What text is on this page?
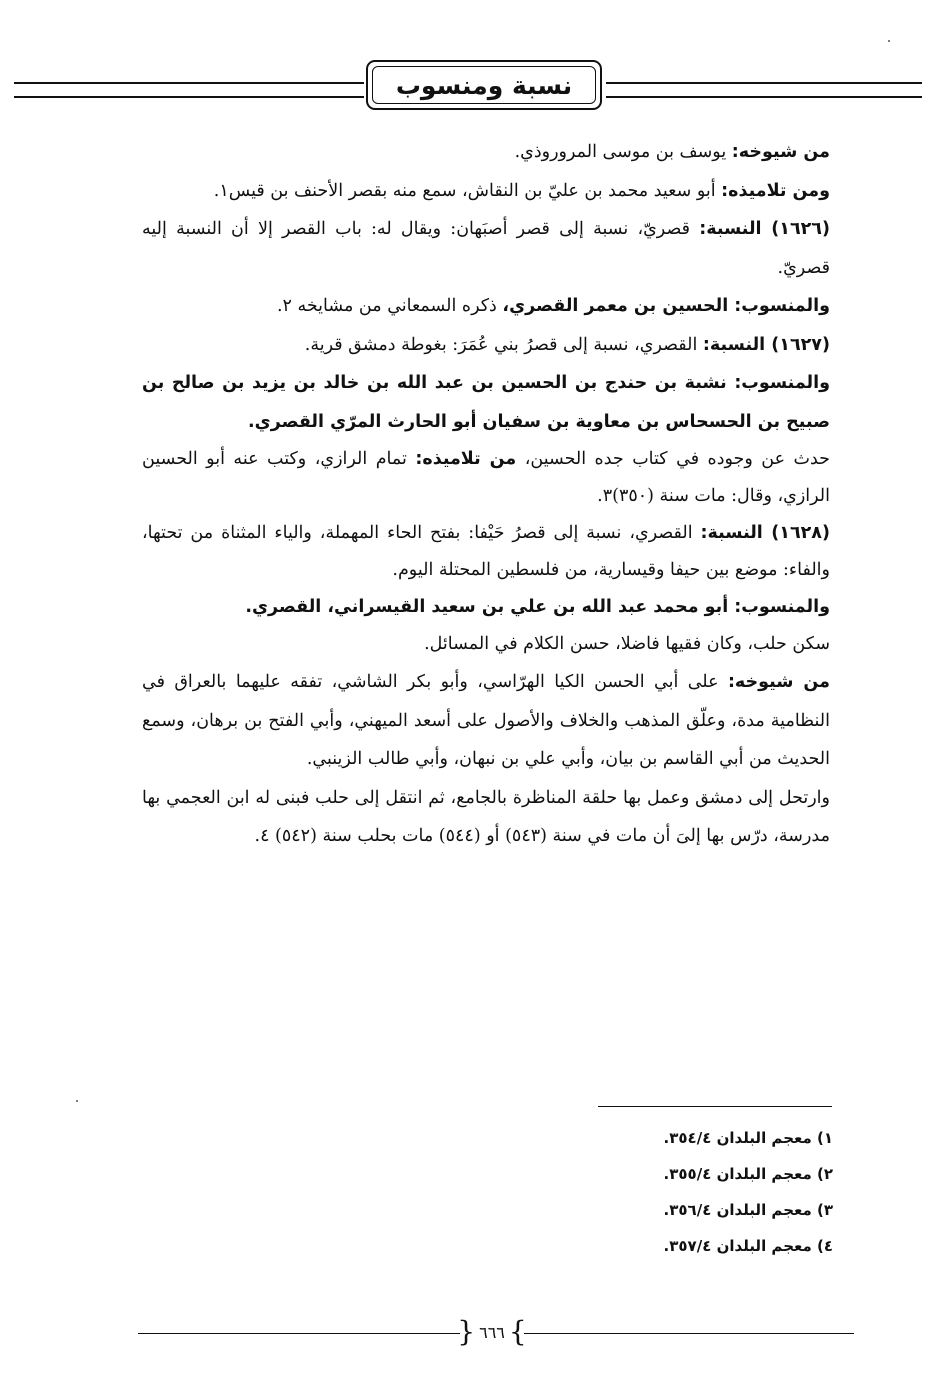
نسبة ومنسوب

من شيوخه: يوسف بن موسى المروروذي.

ومن تلاميذه: أبو سعيد محمد بن عليّ بن النقاش، سمع منه بقصر الأحنف بن قيس١.

(١٦٢٦) النسبة: قصريّ، نسبة إلى قصر أصبَهان: ويقال له: باب القصر إلا أن النسبة إليه قصريّ.

والمنسوب: الحسين بن معمر القصري، ذكره السمعاني من مشايخه ٢.

(١٦٢٧) النسبة: القصري، نسبة إلى قصرُ بني عُمَرَ: بغوطة دمشق قرية.

والمنسوب: نشبة بن حندج بن الحسين بن عبد الله بن خالد بن يزيد بن صالح بن صبيح بن الحسحاس بن معاوية بن سفيان أبو الحارث المرّي القصري.

حدث عن وجوده في كتاب جده الحسين، من تلاميذه: تمام الرازي، وكتب عنه أبو الحسين الرازي، وقال: مات سنة (٣٥٠)٣.

(١٦٢٨) النسبة: القصري، نسبة إلى قصرُ حَيْفا: بفتح الحاء المهملة، والياء المثناة من تحتها، والفاء: موضع بين حيفا وقيسارية، من فلسطين المحتلة اليوم.

والمنسوب: أبو محمد عبد الله بن علي بن سعيد القيسراني، القصري.

سكن حلب، وكان فقيها فاضلا، حسن الكلام في المسائل.

من شيوخه: على أبي الحسن الكيا الهرّاسي، وأبو بكر الشاشي، تفقه عليهما بالعراق في النظامية مدة، وعلّق المذهب والخلاف والأصول على أسعد الميهني، وأبي الفتح بن برهان، وسمع الحديث من أبي القاسم بن بيان، وأبي علي بن نبهان، وأبي طالب الزينبي.

وارتحل إلى دمشق وعمل بها حلقة المناظرة بالجامع، ثم انتقل إلى حلب فبنى له ابن العجمي بها مدرسة، درّس بها إلىَ أن مات في سنة (٥٤٣) أو (٥٤٤) مات بحلب سنة (٥٤٢) ٤.

١) معجم البلدان ٣٥٤/٤.
٢) معجم البلدان ٣٥٥/٤.
٣) معجم البلدان ٣٥٦/٤.
٤) معجم البلدان ٣٥٧/٤.
}
٦٦٦
{
